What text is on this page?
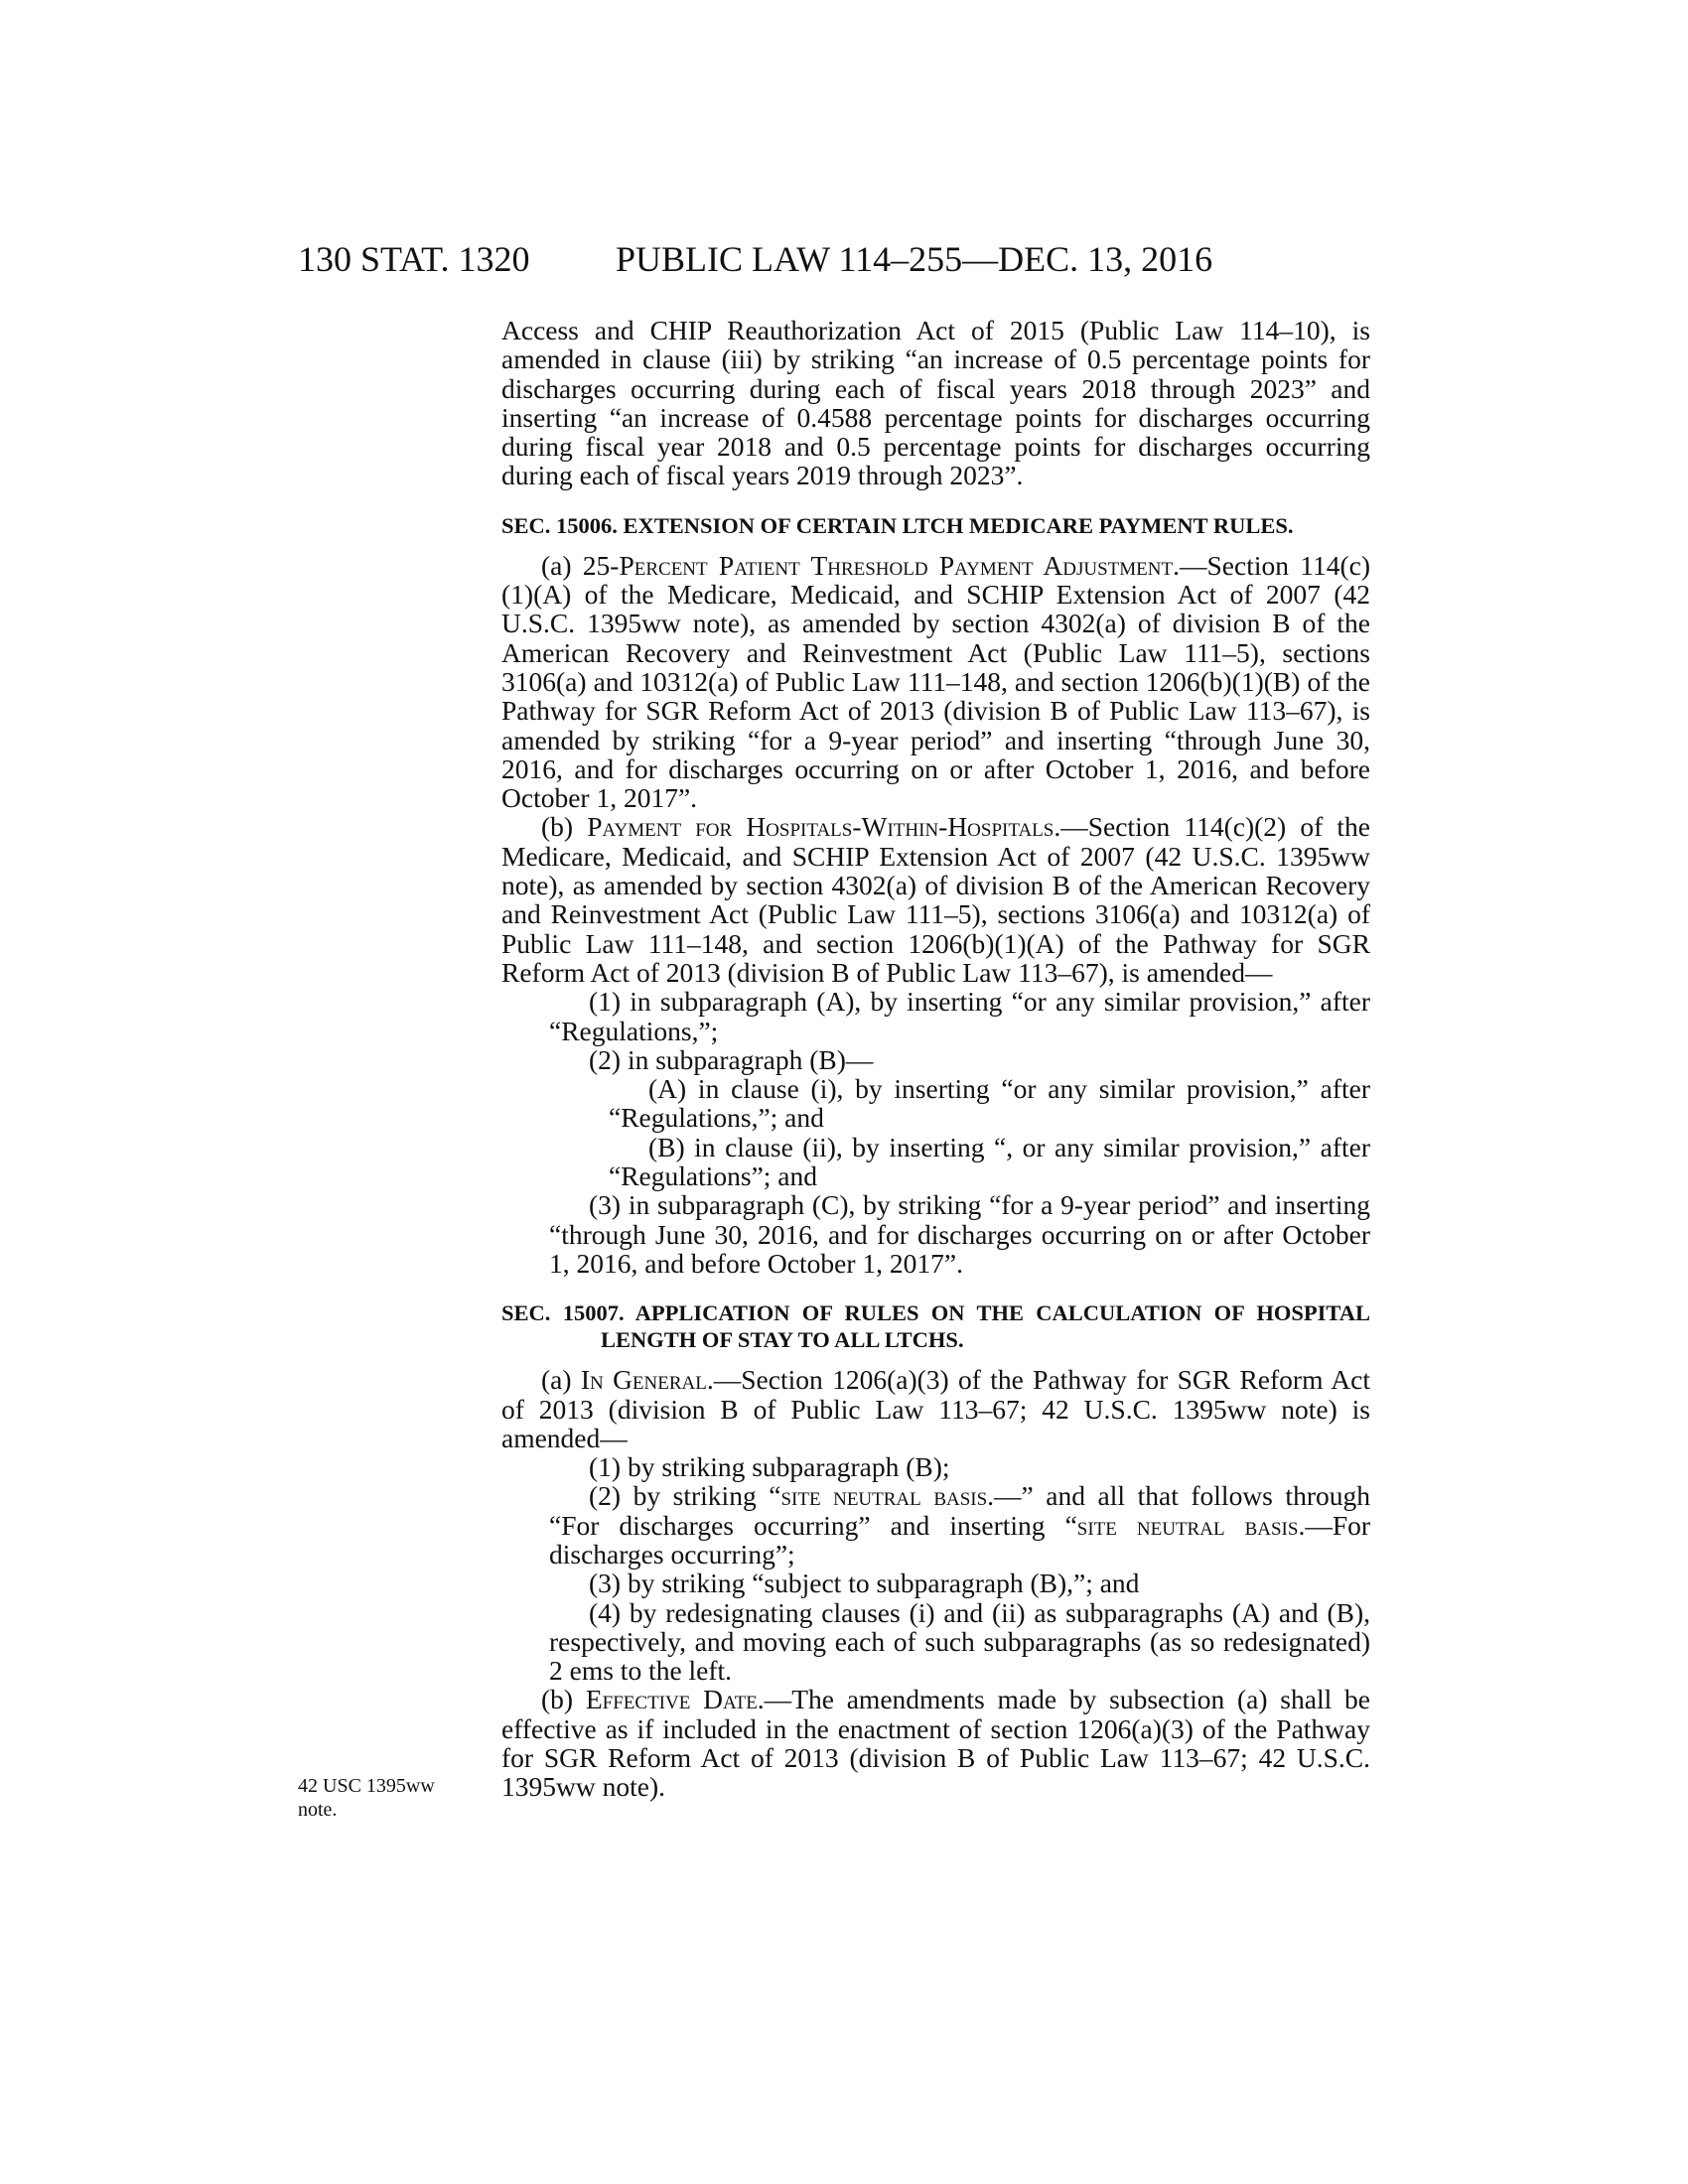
130 STAT. 1320 PUBLIC LAW 114–255—DEC. 13, 2016
42 USC 1395ww
note.

Access and CHIP Reauthorization Act of 2015 (Public Law 114–10), is amended in clause (iii) by striking “an increase of 0.5 percentage points for discharges occurring during each of fiscal years 2018 through 2023” and inserting “an increase of 0.4588 percentage points for discharges occurring during fiscal year 2018 and 0.5 percentage points for discharges occurring during each of fiscal years 2019 through 2023”.

SEC. 15006. EXTENSION OF CERTAIN LTCH MEDICARE PAYMENT RULES.

(a) 25-Percent Patient Threshold Payment Adjustment.—Section 114(c)(1)(A) of the Medicare, Medicaid, and SCHIP Extension Act of 2007 (42 U.S.C. 1395ww note), as amended by section 4302(a) of division B of the American Recovery and Reinvestment Act (Public Law 111–5), sections 3106(a) and 10312(a) of Public Law 111–148, and section 1206(b)(1)(B) of the Pathway for SGR Reform Act of 2013 (division B of Public Law 113–67), is amended by striking “for a 9-year period” and inserting “through June 30, 2016, and for discharges occurring on or after October 1, 2016, and before October 1, 2017”.

(b) Payment for Hospitals-Within-Hospitals.—Section 114(c)(2) of the Medicare, Medicaid, and SCHIP Extension Act of 2007 (42 U.S.C. 1395ww note), as amended by section 4302(a) of division B of the American Recovery and Reinvestment Act (Public Law 111–5), sections 3106(a) and 10312(a) of Public Law 111–148, and section 1206(b)(1)(A) of the Pathway for SGR Reform Act of 2013 (division B of Public Law 113–67), is amended—

(1) in subparagraph (A), by inserting “or any similar provision,” after “Regulations,”;

(2) in subparagraph (B)—

(A) in clause (i), by inserting “or any similar provision,” after “Regulations,”; and

(B) in clause (ii), by inserting “, or any similar provision,” after “Regulations”; and

(3) in subparagraph (C), by striking “for a 9-year period” and inserting “through June 30, 2016, and for discharges occurring on or after October 1, 2016, and before October 1, 2017”.

SEC. 15007. APPLICATION OF RULES ON THE CALCULATION OF HOSPITAL LENGTH OF STAY TO ALL LTCHS.

(a) In General.—Section 1206(a)(3) of the Pathway for SGR Reform Act of 2013 (division B of Public Law 113–67; 42 U.S.C. 1395ww note) is amended—

(1) by striking subparagraph (B);

(2) by striking “site neutral basis.—” and all that follows through “For discharges occurring” and inserting “site neutral basis.—For discharges occurring”;

(3) by striking “subject to subparagraph (B),”; and

(4) by redesignating clauses (i) and (ii) as subparagraphs (A) and (B), respectively, and moving each of such subparagraphs (as so redesignated) 2 ems to the left.

(b) Effective Date.—The amendments made by subsection (a) shall be effective as if included in the enactment of section 1206(a)(3) of the Pathway for SGR Reform Act of 2013 (division B of Public Law 113–67; 42 U.S.C. 1395ww note).
